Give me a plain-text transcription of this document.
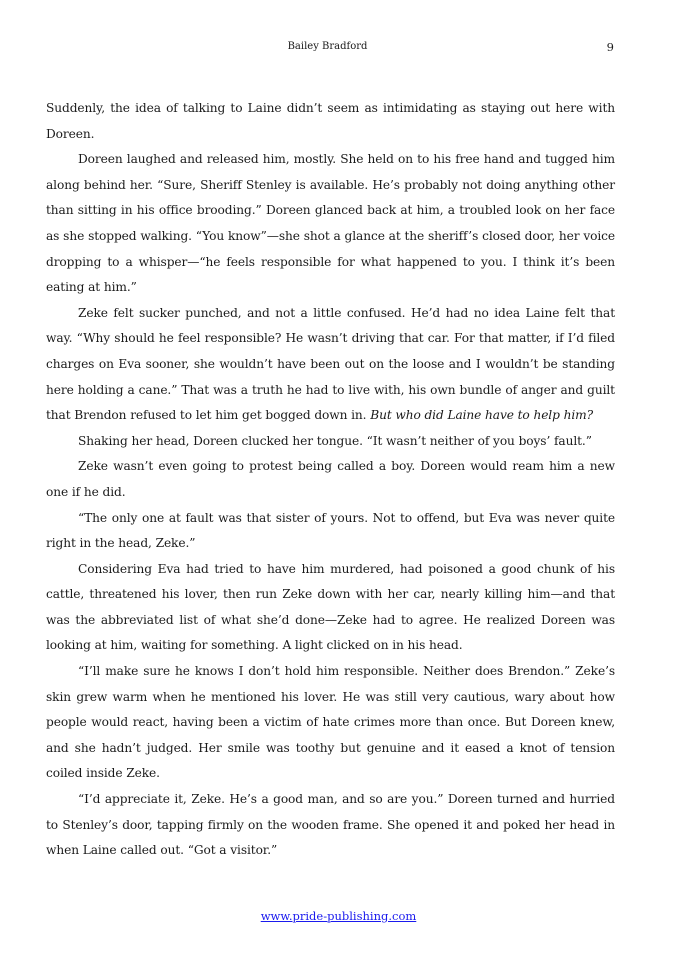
Bailey Bradford	9

Suddenly, the idea of talking to Laine didn’t seem as intimidating as staying out here with Doreen.

Doreen laughed and released him, mostly. She held on to his free hand and tugged him along behind her. “Sure, Sheriff Stenley is available. He’s probably not doing anything other than sitting in his office brooding.” Doreen glanced back at him, a troubled look on her face as she stopped walking. “You know”—she shot a glance at the sheriff’s closed door, her voice dropping to a whisper—“he feels responsible for what happened to you. I think it’s been eating at him.”

Zeke felt sucker punched, and not a little confused. He’d had no idea Laine felt that way. “Why should he feel responsible? He wasn’t driving that car. For that matter, if I’d filed charges on Eva sooner, she wouldn’t have been out on the loose and I wouldn’t be standing here holding a cane.” That was a truth he had to live with, his own bundle of anger and guilt that Brendon refused to let him get bogged down in. But who did Laine have to help him?

Shaking her head, Doreen clucked her tongue. “It wasn’t neither of you boys’ fault.”

Zeke wasn’t even going to protest being called a boy. Doreen would ream him a new one if he did.

“The only one at fault was that sister of yours. Not to offend, but Eva was never quite right in the head, Zeke.”

Considering Eva had tried to have him murdered, had poisoned a good chunk of his cattle, threatened his lover, then run Zeke down with her car, nearly killing him—and that was the abbreviated list of what she’d done—Zeke had to agree. He realized Doreen was looking at him, waiting for something. A light clicked on in his head.

“I’ll make sure he knows I don’t hold him responsible. Neither does Brendon.” Zeke’s skin grew warm when he mentioned his lover. He was still very cautious, wary about how people would react, having been a victim of hate crimes more than once. But Doreen knew, and she hadn’t judged. Her smile was toothy but genuine and it eased a knot of tension coiled inside Zeke.

“I’d appreciate it, Zeke. He’s a good man, and so are you.” Doreen turned and hurried to Stenley’s door, tapping firmly on the wooden frame. She opened it and poked her head in when Laine called out. “Got a visitor.”

www.pride-publishing.com
